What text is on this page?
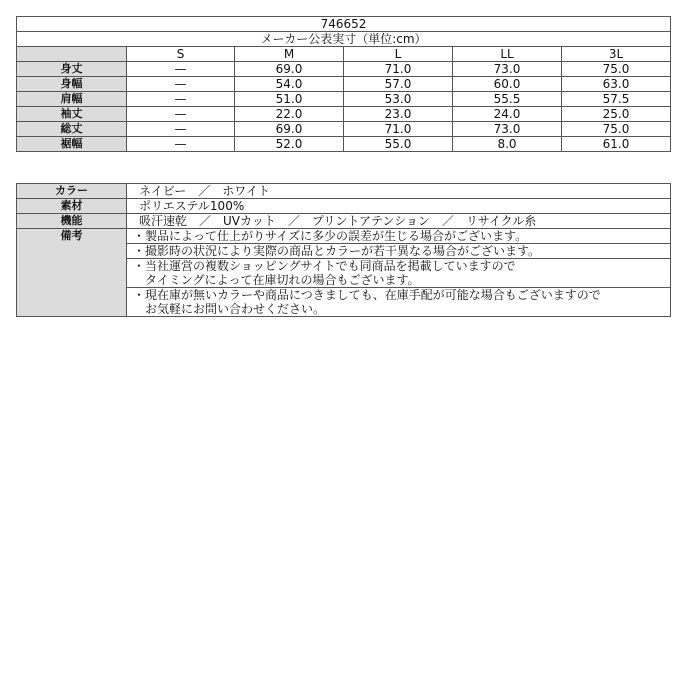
746652					
メーカー公表実寸（単位:cm）					
	S	M	L	LL	3L
身丈	—	69.0	71.0	73.0	75.0
身幅	—	54.0	57.0	60.0	63.0
肩幅	—	51.0	53.0	55.5	57.5
袖丈	—	22.0	23.0	24.0	25.0
総丈	—	69.0	71.0	73.0	75.0
裾幅	—	52.0	55.0	8.0	61.0
カラー	ネイビー　／　ホワイト
素材	ポリエステル100%
機能	吸汗速乾　／　UVカット　／　プリントアテンション　／　リサイクル糸
備考	・製品によって仕上がりサイズに多少の誤差が生じる場合がございます。

	・撮影時の状況により実際の商品とカラーが若干異なる場合がございます。

	・当社運営の複数ショッピングサイトでも同商品を掲載していますので
　タイミングによって在庫切れの場合もございます。

	・現在庫が無いカラーや商品につきましても、在庫手配が可能な場合もございますので
　お気軽にお問い合わせください。
